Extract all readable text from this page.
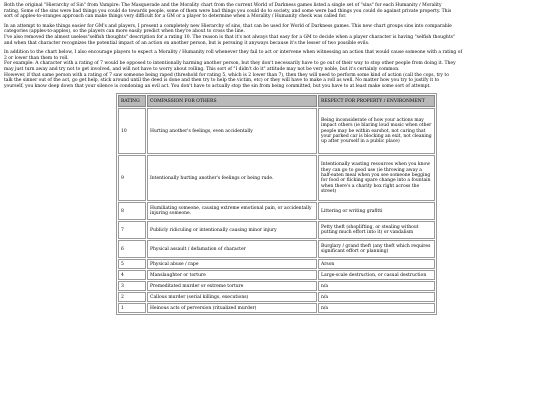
Both the original "Hierarchy of Sin" from Vampire: The Masquerade and the Morality chart from the current World of Darkness games listed a single set of "sins" for each Humanity / Morality
rating. Some of the sins were bad things you could do towards people, some of them were bad things you could do to society, and some were bad things you could do against private property. This
sort of apples-to-oranges approach can make things very difficult for a GM or a player to determine when a Morality / Humanity check was called for.
In an attempt to make things easier for GM's and players, I present a completely new Hierarchy of sins, that can be used for World of Darkness games. This new chart groups sins into comparable
categories (apples-to-apples), so the players can more easily predict when they're about to cross the line.
I've also removed the almost useless"selfish thoughts" description for a rating 10. The reason is that it's not always that easy for a GM to decide when a player character is having "selfish thoughts"
and when that character recognizes the potential impact of an action on another person, but is persuing it anyways because it's the lesser of two possible evils.
In addition to the chart below, I also encourage players to expect a Morality / Humanity roll whenever they fail to act or intervene when witnessing an action that would cause someone with a rating of
2 or lower than them to roll.
For example: A character with a rating of 7 would be opposed to intentionally harming another person, but they don't necessarily have to go out of their way to stop other people from doing it. They
may just turn away and try not to get involved, and will not have to worry about rolling. This sort of "I didn't do it" attitude may not be very noble, but it's certainly common.
However, if that same person with a rating of 7 saw someone being raped (threshold for rating 5, which is 2 lower than 7), then they will need to perform some kind of action (call the cops, try to
talk the sinner out of the act, go get help, stick around until the deed is done and then try to help the victim, etc) or they will have to make a roll as well. No matter how you try to justify it to
yourself, you know deep down that your silence is condoning an evil act. You don't have to actually stop the sin from being committed, but you have to at least make some sort of attempt.
RATING	COMPASSION FOR OTHERS	RESPECT FOR PROPERTY / ENVIRONMENT
10	Hurting another's feelings, even accidentally	Being inconsiderate of how your actions may impact others (ie blaring loud music when other people may be within earshot, not caring that your parked car is blocking an exit, not cleaning up after yourself in a public place)
9	Intentionally hurting another's feelings or being rude.	Intentionally wasting resources when you know they can go to good use (ie throwing away a half-eaten meal when you see someone begging for food or flicking spare change into a fountain when there's a charity box right across the street)
8	Humiliating someone, causing extreme emotional pain, or accidentally injuring someone.	Littering or writing grafitti
7	Publicly ridiculing or intentionally causing minor injury	Petty theft (shoplifting, or stealing without putting much effort into it) or vandalism
6	Physical assault / defamation of character	Burglary / grand theft (any theft which requires significant effort or planning)
5	Physical abuse / rape	Arson
4	Manslaughter or torture	Large-scale destruction, or casual destruction
3	Premeditated murder or extreme torture	n/a
2	Callous murder (serial killings, executions)	n/a
1	Heinous acts of perversion (ritualized murder)	n/a
